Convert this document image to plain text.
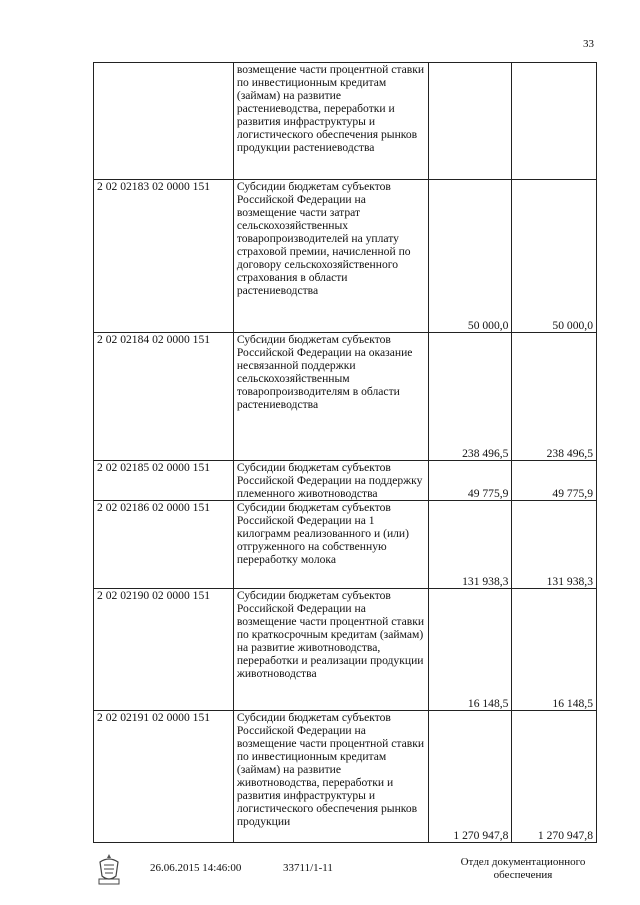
33
	возмещение части процентной ставки по инвестиционным кредитам (займам) на развитие растениеводства, переработки и развития инфраструктуры и логистического обеспечения рынков продукции растениеводства		
2 02 02183 02 0000 151	Субсидии бюджетам субъектов Российской Федерации на возмещение части затрат сельскохозяйственных товаропроизводителей на уплату страховой премии, начисленной по договору сельскохозяйственного страхования в области растениеводства	50 000,0	50 000,0
2 02 02184 02 0000 151	Субсидии бюджетам субъектов Российской Федерации на оказание несвязанной поддержки сельскохозяйственным товаропроизводителям в области растениеводства	238 496,5	238 496,5
2 02 02185 02 0000 151	Субсидии бюджетам субъектов Российской Федерации на поддержку племенного животноводства	49 775,9	49 775,9
2 02 02186 02 0000 151	Субсидии бюджетам субъектов Российской Федерации на 1 килограмм реализованного и (или) отгруженного на собственную переработку молока	131 938,3	131 938,3
2 02 02190 02 0000 151	Субсидии бюджетам субъектов Российской Федерации на возмещение части процентной ставки по краткосрочным кредитам (займам) на развитие животноводства, переработки и реализации продукции животноводства	16 148,5	16 148,5
2 02 02191 02 0000 151	Субсидии бюджетам субъектов Российской Федерации на возмещение части процентной ставки по инвестиционным кредитам (займам) на развитие животноводства, переработки и развития инфраструктуры и логистического обеспечения рынков продукции	1 270 947,8	1 270 947,8
26.06.2015 14:46:00	33711/1-11	Отдел документационного
обеспечения
